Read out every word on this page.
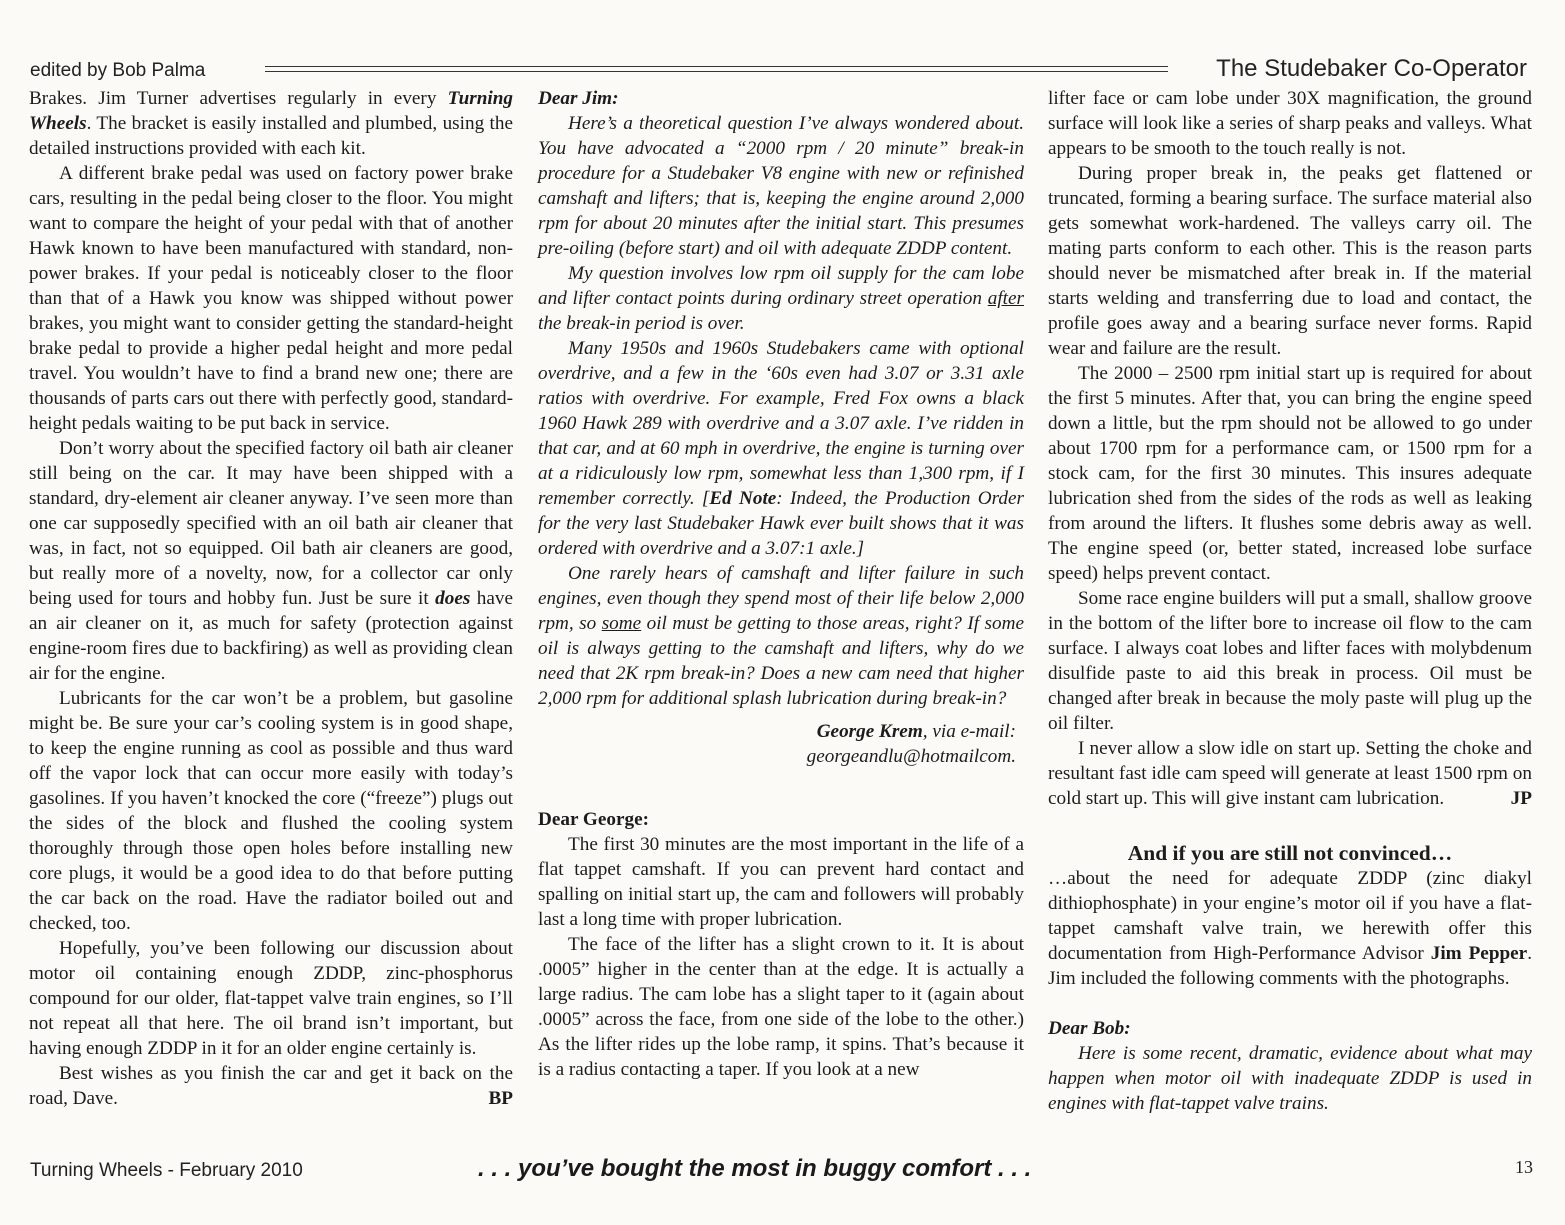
edited by Bob Palma	The Studebaker Co-Operator

Brakes. Jim Turner advertises regularly in every Turning Wheels. The bracket is easily installed and plumbed, using the detailed instructions provided with each kit.

A different brake pedal was used on factory power brake cars, resulting in the pedal being closer to the floor. You might want to compare the height of your pedal with that of another Hawk known to have been manufactured with standard, non-power brakes. If your pedal is noticeably closer to the floor than that of a Hawk you know was shipped without power brakes, you might want to consider getting the standard-height brake pedal to provide a higher pedal height and more pedal travel. You wouldn’t have to find a brand new one; there are thousands of parts cars out there with perfectly good, standard-height pedals waiting to be put back in service.

Don’t worry about the specified factory oil bath air cleaner still being on the car. It may have been shipped with a standard, dry-element air cleaner anyway. I’ve seen more than one car supposedly specified with an oil bath air cleaner that was, in fact, not so equipped. Oil bath air cleaners are good, but really more of a novelty, now, for a collector car only being used for tours and hobby fun. Just be sure it does have an air cleaner on it, as much for safety (protection against engine-room fires due to backfiring) as well as providing clean air for the engine.

Lubricants for the car won’t be a problem, but gasoline might be. Be sure your car’s cooling system is in good shape, to keep the engine running as cool as possible and thus ward off the vapor lock that can occur more easily with today’s gasolines. If you haven’t knocked the core (“freeze”) plugs out the sides of the block and flushed the cooling system thoroughly through those open holes before installing new core plugs, it would be a good idea to do that before putting the car back on the road. Have the radiator boiled out and checked, too.

Hopefully, you’ve been following our discussion about motor oil containing enough ZDDP, zinc-phosphorus compound for our older, flat-tappet valve train engines, so I’ll not repeat all that here. The oil brand isn’t important, but having enough ZDDP in it for an older engine certainly is.

Best wishes as you finish the car and get it back on the road, Dave.	BP

Dear Jim:

Here’s a theoretical question I’ve always wondered about. You have advocated a “2000 rpm / 20 minute” break-in procedure for a Studebaker V8 engine with new or refinished camshaft and lifters; that is, keeping the engine around 2,000 rpm for about 20 minutes after the initial start. This presumes pre-oiling (before start) and oil with adequate ZDDP content.

My question involves low rpm oil supply for the cam lobe and lifter contact points during ordinary street operation after the break-in period is over.

Many 1950s and 1960s Studebakers came with optional overdrive, and a few in the ‘60s even had 3.07 or 3.31 axle ratios with overdrive. For example, Fred Fox owns a black 1960 Hawk 289 with overdrive and a 3.07 axle. I’ve ridden in that car, and at 60 mph in overdrive, the engine is turning over at a ridiculously low rpm, somewhat less than 1,300 rpm, if I remember correctly. [Ed Note: Indeed, the Production Order for the very last Studebaker Hawk ever built shows that it was ordered with overdrive and a 3.07:1 axle.]

One rarely hears of camshaft and lifter failure in such engines, even though they spend most of their life below 2,000 rpm, so some oil must be getting to those areas, right? If some oil is always getting to the camshaft and lifters, why do we need that 2K rpm break-in? Does a new cam need that higher 2,000 rpm for additional splash lubrication during break-in?

George Krem, via e-mail:

georgeandlu@hotmailcom.

Dear George:

The first 30 minutes are the most important in the life of a flat tappet camshaft. If you can prevent hard contact and spalling on initial start up, the cam and followers will probably last a long time with proper lubrication.

The face of the lifter has a slight crown to it. It is about .0005” higher in the center than at the edge. It is actually a large radius. The cam lobe has a slight taper to it (again about .0005” across the face, from one side of the lobe to the other.) As the lifter rides up the lobe ramp, it spins. That’s because it is a radius contacting a taper. If you look at a new

lifter face or cam lobe under 30X magnification, the ground surface will look like a series of sharp peaks and valleys. What appears to be smooth to the touch really is not.

During proper break in, the peaks get flattened or truncated, forming a bearing surface. The surface material also gets somewhat work-hardened. The valleys carry oil. The mating parts conform to each other. This is the reason parts should never be mismatched after break in. If the material starts welding and transferring due to load and contact, the profile goes away and a bearing surface never forms. Rapid wear and failure are the result.

The 2000 – 2500 rpm initial start up is required for about the first 5 minutes. After that, you can bring the engine speed down a little, but the rpm should not be allowed to go under about 1700 rpm for a performance cam, or 1500 rpm for a stock cam, for the first 30 minutes. This insures adequate lubrication shed from the sides of the rods as well as leaking from around the lifters. It flushes some debris away as well. The engine speed (or, better stated, increased lobe surface speed) helps prevent contact.

Some race engine builders will put a small, shallow groove in the bottom of the lifter bore to increase oil flow to the cam surface. I always coat lobes and lifter faces with molybdenum disulfide paste to aid this break in process. Oil must be changed after break in because the moly paste will plug up the oil filter.

I never allow a slow idle on start up. Setting the choke and resultant fast idle cam speed will generate at least 1500 rpm on cold start up. This will give instant cam lubrication.	JP

And if you are still not convinced…

…about the need for adequate ZDDP (zinc diakyl dithiophosphate) in your engine’s motor oil if you have a flat-tappet camshaft valve train, we herewith offer this documentation from High-Performance Advisor Jim Pepper. Jim included the following comments with the photographs.

Dear Bob:

Here is some recent, dramatic, evidence about what may happen when motor oil with inadequate ZDDP is used in engines with flat-tappet valve trains.

Turning Wheels - February 2010	. . . you’ve bought the most in buggy comfort . . .	13
